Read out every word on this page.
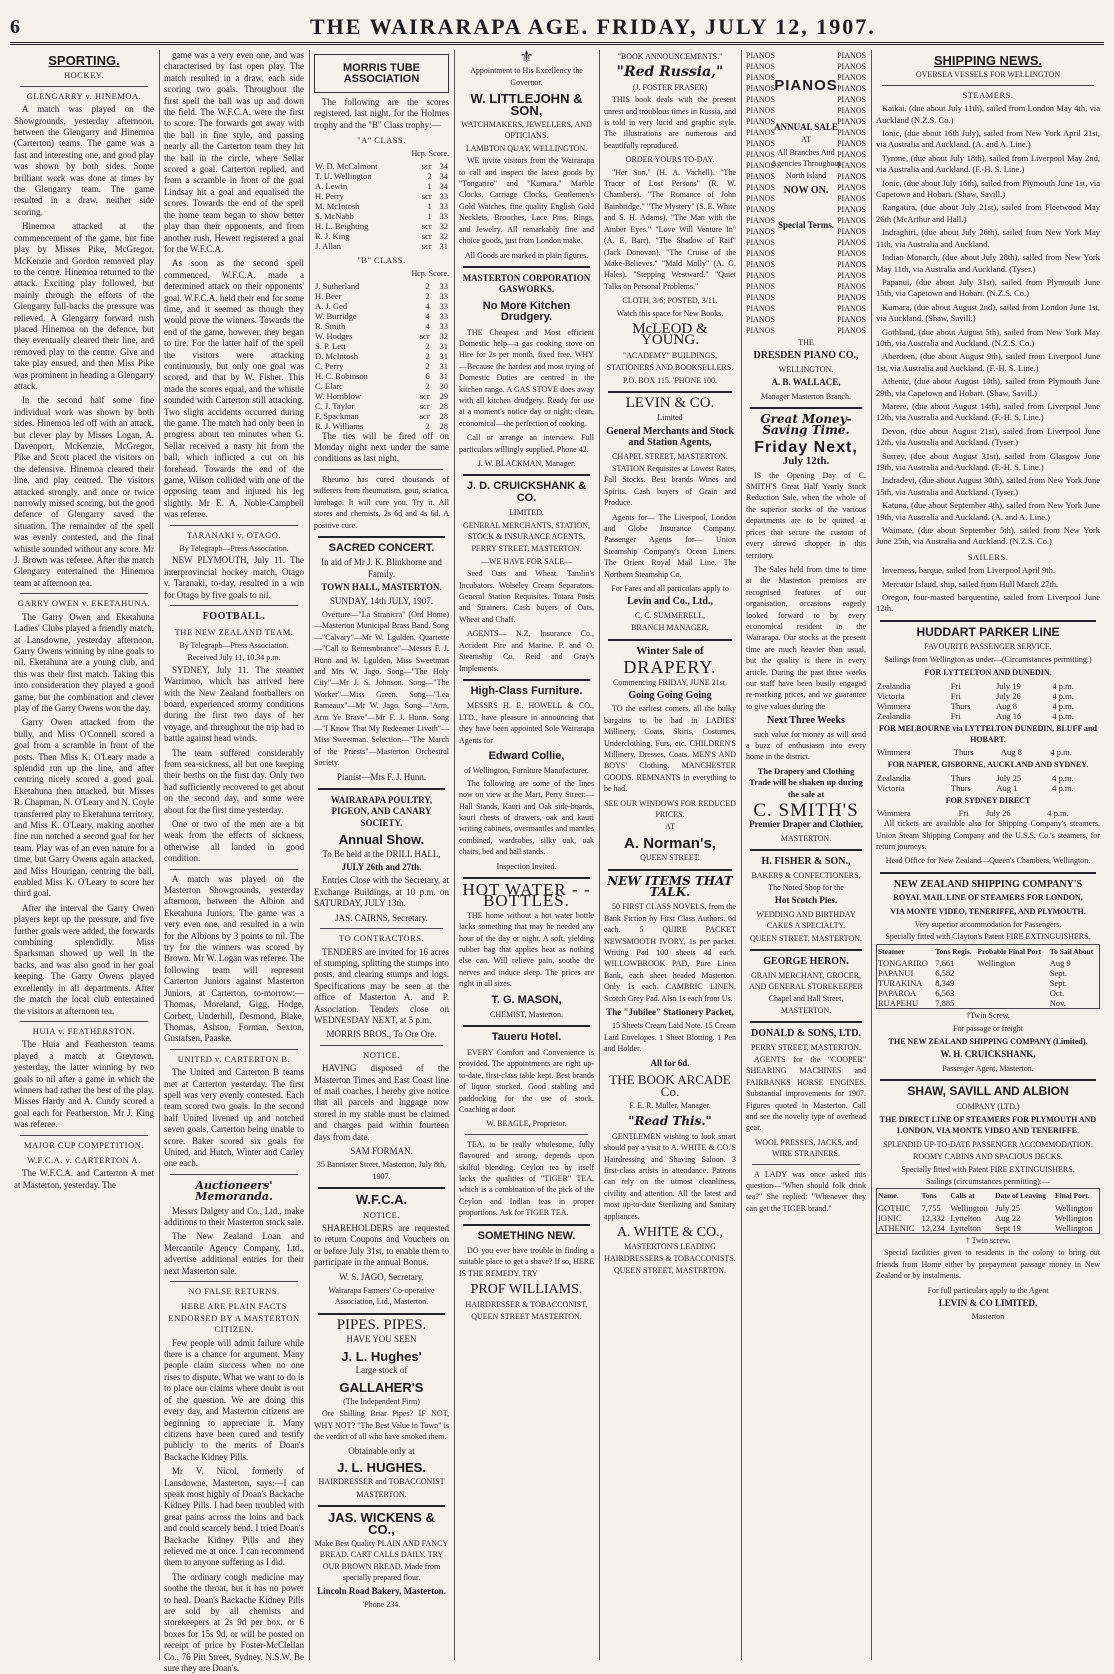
6	THE WAIRARAPA AGE. FRIDAY, JULY 12, 1907.
SPORTING.
HOCKEY.
GLENGARRY v. HINEMOA.

A match was played on the Showgrounds, yesterday afternoon, between the Glengarry and Hinemoa (Carterton) teams. The game was a fast and interesting one, and good play was shown by both sides. Some brilliant work was done at times by the Glengarry team. The game resulted in a draw, neither side scoring.

Hinemoa attacked at the commencement of the game, but fine play by Misses Pike, McGregor, McKenzie and Gordon removed play to the centre. Hinemoa returned to the attack. Exciting play followed, but mainly through the efforts of the Glengarry full-backs the pressure was relieved. A Glengarry forward rush placed Hinemoa on the defence, but they eventually cleared their line, and removed play to the centre. Give and take play ensued, and then Miss Pike was prominent in heading a Glengarry attack.

In the second half some fine individual work was shown by both sides. Hinemoa led off with an attack, but clever play by Misses Logan, A. Davenport, McKenzie, McGregor, Pike and Scott placed the visitors on the defensive. Hinemoa cleared their line, and play centred. The visitors attacked strongly, and once or twice narrowly missed scoring, but the good defence of Glengarry saved the situation. The remainder of the spell was evenly contested, and the final whistle sounded without any score. Mr J. Brown was referee. After the match Glengarry entertained the Hinemoa team at afternoon tea.

GARRY OWEN v. EKETAHUNA.

The Garry Owen and Eketahuna Ladies' Clubs played a friendly match, at Lansdowne, yesterday afternoon, Garry Owens winning by nine goals to nil. Eketahuna are a young club, and this was their first match. Taking this into consideration they played a good game, but the combination and clever play of the Garry Owens won the day.

Garry Owen attacked from the bully, and Miss O'Connell scored a goal from a scramble in front of the posts. Then Miss K. O'Leary made a splendid run up the line, and after centring nicely scored a good goal. Eketahuna then attacked, but Misses R. Chapman, N. O'Leary and N. Coyle transferred play to Eketahuna territory, and Miss K. O'Leary, making another fine run notched a second goal for her team. Play was of an even nature for a time, but Garry Owens again attacked, and Miss Hourigan, centring the ball, enabled Miss K. O'Leary to score her third goal.

After the interval the Garry Owen players kept up the pressure, and five further goals were added, the forwards combining splendidly. Miss Sparksman showed up well in the backs, and was also good in her goal keeping. The Garry Owens played excellently in all departments. After the match the local club entertained the visitors at afternoon tea.

HUIA v. FEATHERSTON.

The Huia and Featherston teams played a match at Greytown, yesterday, the latter winning by two goals to nil after a game in which the winners had rather the best of the play. Misses Hardy and A. Cundy scored a goal each for Featherston. Mr J. King was referee.

MAJOR CUP COMPETITION.
W.F.C.A. v. CARTERTON A.

The W.F.C.A. and Carterton A met at Masterton, yesterday. The

game was a very even one, and was characterised by fast open play. The match resulted in a draw, each side scoring two goals. Throughout the first spell the ball was up and down the field. The W.F.C.A. were the first to score. The forwards got away with the ball in fine style, and passing nearly all the Carterton team they hit the ball in the circle, where Sellar scored a goal. Carterton replied, and from a scramble in front of the goal Lindsay hit a goal and equalised the scores. Towards the end of the spell the home team began to show better play than their opponents, and from another rush, Hewett registered a goal for the W.F.C.A.

As soon as the second spell commenced, W.F.C.A. made a determined attack on their opponents' goal. W.F.C.A. held their end for some time, and it seemed as though they would prove the winners. Towards the end of the game, however, they began to tire. For the latter half of the spell the visitors were attacking continuously, but only one goal was scored, and that by W. Fisher. This made the scores equal, and the whistle sounded with Carterton still attacking. Two slight accidents occurred during the game. The match had only been in progress about ten minutes when G. Sellar received a nasty hit from the ball, which inflicted a cut on his forehead. Towards the end of the game, Wilson collided with one of the opposing team and injured his leg slightly. Mr E. A. Noble-Campbell was referee.

TARANAKI v. OTAGO.
By Telegraph—Press Association.

NEW PLYMOUTH, July 11. The interprovincial hockey match, Otago v. Taranaki, to-day, resulted in a win for Otago by five goals to nil.

FOOTBALL.
THE NEW ZEALAND TEAM.
By Telegraph—Press Association.
Received July 11, 10.34 p.m.

SYDNEY, July 11. The steamer Warrimoo, which has arrived here with the New Zealand footballers on board, experienced stormy conditions during the first two days of her voyage, and throughout the trip had to battle against head winds.

The team suffered considerably from sea-sickness, all but one keeping their berths on the first day. Only two had sufficiently recovered to get about on the second day, and some were about for the first time yesterday.

One or two of the men are a bit weak from the effects of sickness, otherwise all landed in good condition.

A match was played on the Masterton Showgrounds, yesterday afternoon, between the Albion and Eketahuna Juniors. The game was a very even one, and resulted in a win for the Albions by 3 points to nil. The try for the winners was scored by Brown. Mr W. Logan was referee. The following team will represent Carterton Juniors against Masterton Juniors, at Carterton, to-morrow:— Thomas, Moreland, Gigg, Hodge, Corbett, Underhill, Desmond, Blake, Thomas, Ashton, Forman, Sexton, Gustafsen, Paaske.

UNITED v. CARTERTON B.

The United and Carterton B teams met at Carterton yesterday. The first spell was very evenly contested. Each team scored two goals. In the second half United livened up and notched seven goals, Carterton being unable to score. Baker scored six goals for United, and Hutch, Winter and Carley one each.

Auctioneers' Memoranda.

Messrs Dalgety and Co., Ltd., make additions to their Masterton stock sale.

The New Zealand Loan and Mercantile Agency Company, Ltd., advertise additional entries for their next Masterton sale.

NO FALSE RETURNS.
HERE ARE PLAIN FACTS ENDORSED BY A MASTERTON CITIZEN.

Few people will admit failure while there is a chance for argument. Many people claim success when no one rises to dispute. What we want to do is to place our claims where doubt is out of the question. We are doing this every day, and Masterton citizens are beginning to appreciate it. Many citizens have been cured and testify publicly to the merits of Doan's Backache Kidney Pills.

Mr V. Nicol, formerly of Lansdowne, Masterton, says:—I can speak most highly of Doan's Backache Kidney Pills. I had been troubled with great pains across the loins and back and could scarcely bend. I tried Doan's Backache Kidney Pills and they relieved me at once. I can recommend them to anyone suffering as I did.

The ordinary cough medicine may soothe the throat, but it has no power to heal. Doan's Backache Kidney Pills are sold by all chemists and storekeepers at 2s 9d per box, or 6 boxes for 15s 9d, or will be posted on receipt of price by Foster-McClellan Co., 76 Pitt Street, Sydney, N.S.W. Be sure they are Doan's.

MORRIS TUBE ASSOCIATION

The following are the scores registered, last night, for the Holmes trophy and the "B" Class trophy:—

"A" CLASS.
Hcp. Score.
W. D. McCalmont	scr	34
T. U. Wellington	2	34
A. Lewin	1	34
H. Perry	scr	33
M. McIntosh	1	33
S. McNabb	1	33
H. L. Beighting	scr	32
R. J. King	scr	32
J. Allan	scr	31
"B" CLASS.
Hcp. Score.
J. Sutherland	2	33
H. Beer	2	33
A. J. Ged	4	33
W. Burridge	4	33
R. Smith	4	33
W. Hodges	scr	32
S. P. Lett	2	31
D. McIntosh	2	31
C. Perry	2	31
H. C. Robinson	6	31
C. Elarc	2	30
W. Hornblow	scr	29
C. J. Taylor	scr	28
F. Spackman	scr	28
R. J. Williams	2	28

The ties will be fired off on Monday night next under the same conditions as last night.

Rheumo has cured thousands of sufferers from rheumatism, gout, sciatica, lumbago. It will cure you. Try it. All stores and chemists, 2s 6d and 4s 6d. A positive cure.

SACRED CONCERT.
In aid of Mr J. K. Blinkhorne and Family.
TOWN HALL, MASTERTON.
SUNDAY, 14th JULY, 1907.

Overture—"La Stranicra" (Ord Home)—Masterton Municipal Brass Band. Song—"Calvary"—Mr W. Lgulden. Quartette—"Call to Remembrance"—Messrs F. J. Hunn and W. Lgulden, Miss Sweetman and Mrs W. Jago. Song—"The Holy City"—Mr J. S. Johnson. Song—"The Worker"—Miss Green. Song—"Lea Rameaux"—Mr W. Jago. Song—"Arm, Arm Ye Brave"—Mr F. J. Hunn. Song—"I Know That My Redeemer Liveth"—Miss Sweetman. Selection—"The March of the Priests"—Masterton Orchestral Society.

Pianist—Mrs F. J. Hunn.
WAIRARAPA POULTRY, PIGEON, AND CANARY SOCIETY.
Annual Show.
To Be held at the DRILL HALL,
JULY 26th and 27th.

Entries Close with the Secretary, at Exchange Buildings, at 10 p.m. on SATURDAY, JULY 13th.

JAS. CAIRNS, Secretary.
TO CONTRACTORS.

TENDERS are invited for 16 acres of stumping, splitting the stumps into posts, and clearing stumps and logs. Specifications may be seen at the office of Masterton A. and P. Association. Tenders close on WEDNESDAY NEXT, at 5 p.m.

MORRIS BROS., To Ore Ore.
NOTICE.

HAVING disposed of the Masterton Times and East Coast line of mail coaches, I hereby give notice that all parcels and luggage now stored in my stable must be claimed and charges paid within fourteen days from date.

SAM FORMAN.
35 Bannister Street, Masterton, July 8th, 1907.
W.F.C.A.
NOTICE.

SHAREHOLDERS are requested to return Coupons and Vouchers on or before July 31st, to enable them to participate in the annual Bonus.

W. S. JAGO, Secretary.
Wairarapa Farmers' Co-operative Association, Ltd., Masterton.
PIPES. PIPES.
HAVE YOU SEEN
J. L. Hughes'
Large stock of
GALLAHER'S
(The Independent Firm)

Ore Shilling Briar Pipes? IF NOT, WHY NOT? "The Best Value in Town" is the verdict of all who have smoked them.

Obtainable only at
J. L. HUGHES.
HAIRDRESSER and TOBACCONIST
MASTERTON.
JAS. WICKENS & CO.,
Make Best Quality PLAIN AND FANCY BREAD. CART CALLS DAILY. TRY OUR BROWN BREAD. Made from specially prepared flour.
Lincoln Road Bakery, Masterton.
'Phone 234.
⚜
Appointment to His Excellency the Governor.
W. LITTLEJOHN & SON,
WATCHMAKERS, JEWELLERS, AND OPTICIANS.
LAMBTON QUAY, WELLINGTON.

WE invite visitors from the Wairarapa to call and inspect the latest goods by "Tongariro" and "Kumara." Marble Clocks, Carriage Clocks, Gentlemen's Gold Watches, fine quality English Gold Necklets, Brooches, Lace Pins, Rings, and Jewelry. All remarkably fine and choice goods, just from London make.

All Goods are marked in plain figures.
MASTERTON CORPORATION GASWORKS.
No More Kitchen Drudgery.

THE Cheapest and Most efficient Domestic help—a gas cooking stove on Hire for 2s per month, fixed free. WHY—Because the hardest and most trying of Domestic Duties are centred in the kitchen range. A GAS STOVE does away with all kitchen drudgery. Ready for use at a moment's notice day or night; clean, economical—the perfection of cooking.

Call or arrange an interview. Full particulars willingly supplied. Phone 42.

J. W. BLACKMAN, Manager.
J. D. CRUICKSHANK & CO.
LIMITED.
GENERAL MERCHANTS, STATION, STOCK & INSURANCE AGENTS,
PERRY STREET, MASTERTON.
—WE HAVE FOR SALE—

Seed Oats and Wheat. Tamlin's Incubators. Wolseley Cream Separators. General Station Requisites. Totara Posts and Strainers. Cash buyers of Oats, Wheat and Chaff.

AGENTS— N.Z. Insurance Co., Accident Fire and Marine. P. and O. Steamship Co. Reid and Gray's Implements.

High-Class Furniture.

MESSRS H. E. HOWELL & CO., LTD., have pleasure in announcing that they have been appointed Sole Wairarapa Agents for

Edward Collie,
of Wellington, Furniture Manufacturer.

The following are some of the lines now on view at the Mart, Perry Street:—Hall Stands, Kauri and Oak side-boards, kauri chests of drawers, oak and kauri writing cabinets, overmantles and mantles combined, wardrobes, silky oak, oak chairs, bed and hall stands.

Inspection Invited.
HOT WATER - - BOTTLES.

THE home without a hot water bottle lacks something that may be needed any hour of the day or night. A soft, yielding rubber bag that applies heat as nothing else can. Will relieve pain, soothe the nerves and induce sleep. The prices are right in all sizes.

T. G. MASON,
CHEMIST, Masterton.
Taueru Hotel.

EVERY Comfort and Convenience is provided. The appointments are right up-to-date, first-class table kept. Best brands of liquor stocked. Good stabling and paddocking for the use of stock. Coaching at door.

W. BEAGLE, Proprietor.

TEA, to be really wholesome, fully flavoured and strong, depends upon skilful blending. Ceylon tea by itself lacks the qualities of "TIGER" TEA, which is a combination of the pick of the Ceylon and Indian teas in proper proportions. Ask for TIGER TEA.

SOMETHING NEW.

DO you ever have trouble in finding a suitable place to get a shave? If so, HERE IS THE REMEDY. TRY

PROF WILLIAMS.
HAIRDRESSER & TOBACCONIST.
QUEEN STREET MASTERTON.
"BOOK ANNOUNCEMENTS."
"Red Russia,"
(J. FOSTER FRASER)

THIS book deals with the present unrest and troublous times in Russia, and is told in very lucid and graphic style. The illustrations are numerous and beautifully reproduced.

ORDER YOURS TO-DAY.

"Her Son," (H. A. Vachell). "The Tracer of Lost Persons" (R. W. Chambers). "The Romance of John Bainbridge." "The Mystery" (S. E. White and S. H. Adams). "The Man with the Amber Eyes." "Love Will Venture In" (A. E. Barr). "The Shadow of Raif" (Jack Donovan). "The Cruise of the Make-Believes." "Mald Molly" (A. G. Hales). "Stepping Westward." "Quiet Talks on Personal Problems."

CLOTH, 3/6; POSTED, 3/11.
Watch this space for New Books.
McLEOD & YOUNG.
"ACADEMY" BUILDINGS,
STATIONERS AND BOOKSELLERS.
P.O. BOX 115. 'PHONE 100.
LEVIN & CO.
Limited
General Merchants and Stock and Station Agents,
CHAPEL STREET, MASTERTON.

STATION Requisites at Lowest Rates, Fall Stocks. Best brands Wines and Spirits. Cash buyers of Grain and Produce.

Agents for— The Liverpool, London and Globe Insurance Company. Passenger Agents for— Union Steamship Company's Ocean Liners. The Orient Royal Mail Line. The Northern Steamship Co.

For Fares and all particulars apply to
Levin and Co., Ltd.,
C. C. SUMMERELL,
BRANCH MANAGER.
Winter Sale of
DRAPERY.
Commencing FRIDAY, JUNE 21st.
Going Going Going

TO the earliest comers, all the bulky bargains to be had in LADIES' Millinery, Coats, Skirts, Costumes, Underclothing, Furs, etc. CHILDREN'S Millinery, Dresses, Coats. MEN'S AND BOYS' Clothing. MANCHESTER GOODS. REMNANTS in everything to be had.

SEE OUR WINDOWS FOR REDUCED PRICES.
AT
A. Norman's,
QUEEN STREET.
NEW ITEMS THAT TALK.

50 FIRST CLASS NOVELS, from the Bank Fiction by First Class Authors. 6d each. 5 QUIRE PACKET NEWSMOOTH IVORY, 1s per packet. Writing Pad 100 sheets 4d each. WILLOWBROOK PAD, Pure Linen Bank, each sheet headed Masterton. Only 1s each. CAMBRIC LINEN, Scotch Grey Pad. Also 1s each from Us.

The "Jubilee" Stationery Packet,

15 Sheets Cream Laid Note. 15 Cream Laid Envelopes. 1 Sheet Blotting. 1 Pen and Holder.

All for 6d.
THE BOOK ARCADE Co.
F. E. R. Muller, Manager.
"Read This."

GENTLEMEN wishing to look smart should pay a visit to A. WHITE & CO.'S Hairdressing and Shaving Saloon. 3 first-class artists in attendance. Patrons can rely on the utmost cleanliness, civility and attention. All the latest and most up-to-date Sterilizing and Sanitary appliances.

A. WHITE & CO.,
MASTERTON'S LEADING HAIRDRESSERS & TOBACCONISTS.
QUEEN STREET, MASTERTON.
PIANOS	PIANOS
PIANOS	PIANOS
PIANOS	PIANOS
PIANOS	PIANOS
PIANOS	PIANOS
PIANOS	PIANOS
PIANOS	PIANOS
PIANOS	PIANOS
PIANOS	PIANOS
PIANOS	PIANOS
PIANOS	PIANOS
PIANOS	PIANOS
PIANOS	PIANOS
PIANOS	PIANOS
PIANOS	PIANOS
PIANOS	PIANOS
PIANOS	PIANOS
PIANOS	PIANOS
PIANOS	PIANOS
PIANOS	PIANOS
PIANOS	PIANOS
PIANOS	PIANOS
PIANOS	PIANOS
PIANOS	PIANOS
PIANOS	PIANOS
PIANOS	PIANOS
PIANOS
ANNUAL SALE
AT
All Branches And Agencies Throughout North Island
NOW ON.
Special Terms.
THE
DRESDEN PIANO CO.,
WELLINGTON.
A. B. WALLACE,
Manager Masterton Branch.
Great Money-Saving Time.
Friday Next,
July 12th.

IS the Opening Day of C. SMITH'S Great Half Yearly Stock Reduction Sale, when the whole of the superior stocks of the various departments are to be quitted at prices that secure the custom of every shrewd shopper in this territory.

The Sales held from time to time at the Masterton premises are recognised features of our organisation, occasions eagerly looked forward to by every economical resident in the Wairarapa. Our stocks at the present time are much heavier than usual, but the quality is there in every article. During the past three weeks our staff have been busily engaged re-marking prices, and we guarantee to give values during the

Next Three Weeks

such value for money as will send a buzz of enthusiasm into every home in the district.

The Drapery and Clothing Trade will be shaken up during the sale at
C. SMITH'S
Premier Draper and Clothier,
MASTERTON.
H. FISHER & SON.,
BAKERS & CONFECTIONERS,
The Noted Shop for the
Hot Scotch Pies.
WEDDING AND BIRTHDAY CAKES A SPECIALTY.
QUEEN STREET, MASTERTON.
GEORGE HERON.
GRAIN MERCHANT, GROCER, AND GENERAL STOREKEEPER
Chapel and Hall Street, MASTERTON.
DONALD & SONS, LTD.
PERRY STREET, MASTERTON.

AGENTS for the "COOPER" SHEARING MACHINES and FAIRBANKS HORSE ENGINES. Substantial improvements for 1907. Figures quoted in Masterton. Call and see the novelty type of overhead gear.

WOOL PRESSES, JACKS, and WIRE STRAINERS.

A LADY was once asked this question—"When should folk drink tea?" She replied: "Whenever they can get the TIGER brand."

SHIPPING NEWS.
OVERSEA VESSELS FOR WELLINGTON
STEAMERS.
Kaikai, (due about July 11th), sailed from London May 4th, via Auckland (N.Z.S. Co.)
Ionic, (due about 16th July), sailed from New York April 21st, via Australia and Auckland. (A. and A. Line.)
Tyrone, (due about July 18th), sailed from Liverpool May 2nd, via Australia and Auckland. (F.-H. S. Line.)
Ionic, (due about July 16th), sailed from Plymouth June 1st, via Capetown and Hobart. (Shaw, Savill.)
Rangatira, (due about July 21st), sailed from Fleetwood May 26th (McArthur and Hall.)
Indraghiri, (due about July 26th), sailed from New York May 11th, via Australia and Auckland.
Indian Monarch, (due about July 28th), sailed from New York May 11th, via Australia and Auckland. (Tyser.)
Papanui, (due about July 31st), sailed from Plymouth June 15th, via Capetown and Hobart. (N.Z.S. Co.)
Kumara, (due about August 2nd), sailed from London June 1st, via Auckland. (Shaw, Savill.)
Gothland, (due about August 5th), sailed from New York May 10th, via Australia and Auckland. (N.Z.S. Co.)
Aberdeen, (due about August 9th), sailed from Liverpool June 1st, via Australia and Auckland. (F.-H. S. Line.)
Athenic, (due about August 10th), sailed from Plymouth June 29th, via Capetown and Hobart. (Shaw, Savill.)
Marere, (due about August 14th), sailed from Liverpool June 12th, via Australia and Auckland. (F.-H. S. Line.)
Devon, (due about August 21st), sailed from Liverpool June 12th, via Australia and Auckland. (Tyser.)
Surrey, (due about August 31st), sailed from Glasgow June 19th, via Australia and Auckland. (F.-H. S. Line.)
Indradevi, (due about August 30th), sailed from New York June 15th, via Australia and Auckland. (Tyser.)
Katuna, (due about September 4th), sailed from New York June 19th, via Australia and Auckland. (A. and A. Line.)
Waimate, (due about September 5th), sailed from New York June 25th, via Australia and Auckland. (N.Z.S. Co.)
SAILERS.
Inverness, barque, sailed from Liverpool April 9th.
Mercator Island, ship, sailed from Hull March 27th.
Oregon, four-masted barquentine, sailed from Liverpool June 12th.
HUDDART PARKER LINE
FAVOURITE PASSENGER SERVICE.
Sailings from Wellington as under—(Circumstances permitting.)
FOR LYTTELTON AND DUNEDIN.
Zealandia	Fri	July 19	4 p.m.
Victoria	Fri	July 26	4 p.m.
Wimmera	Thurs	Aug 8	4 p.m.
Zealandia	Fri	Aug 16	4 p.m.
FOR MELBOURNE via LYTTELTON DUNEDIN, BLUFF and HOBART.
Wimmera	Thurs	Aug 8	4 p.m.
FOR NAPIER, GISBORNE, AUCKLAND AND SYDNEY.
Zealandia	Thurs	July 25	4 p.m.
Victoria	Thurs	Aug 1	4 p.m.
FOR SYDNEY DIRECT
Wimmera	Fri	July 26	4 p.m.

All tickets are available also for Shipping Company's steamers, Union Steam Shipping Company and the U.S.S. Co.'s steamers, for return journeys.

Head Office for New Zealand—Queen's Chambers, Wellington.
NEW ZEALAND SHIPPING COMPANY'S
ROYAL MAIL LINE OF STEAMERS FOR LONDON,
VIA MONTE VIDEO, TENERIFFE, AND PLYMOUTH.
Very superior accommodation for Passengers.
Specially fitted with Clayton's Patent FIRE EXTINGUISHERS.
Steamer	Tons Regis.	Probable Final Port	To Sail About
TONGARIRO	7,661	Wellington	Aug 9
PAPANUI	6,582		Sept.
TURAKINA	8,349		Sept.
PAPAROA	6,563		Oct.
RUAPEHU	7,885		Nov.
†Twin Screw.
For passage or freight
THE NEW ZEALAND SHIPPING COMPANY (Limited).
W. H. CRUICKSHANK,
Passenger Agent, Masterton.
SHAW, SAVILL AND ALBION
COMPANY (LTD.)
THE DIRECT LINE OF STEAMERS FOR PLYMOUTH AND LONDON, VIA MONTE VIDEO AND TENERIFFE.
SPLENDID UP-TO-DATE PASSENGER ACCOMMODATION.
ROOMY CABINS AND SPACIOUS DECKS.
Specially fitted with Patent FIRE EXTINGUISHERS.
Sailings (circumstances permitting):—
Name.	Tons	Calls at	Date of Leaving	Final Port.
GOTHIC	7,755	Wellington	July 25	Wellington
IONIC	12,332	Lyttelton	Aug 22	Wellington
ATHENIC	12,234	Lyttelton	Sept 19	Wellington
† Twin screw.

Special facilities given to residents in the colony to bring out friends from Home either by prepayment passage money in New Zealand or by instalments.

For full particulars apply to the Agent
LEVIN & CO LIMITED,
Masterton
